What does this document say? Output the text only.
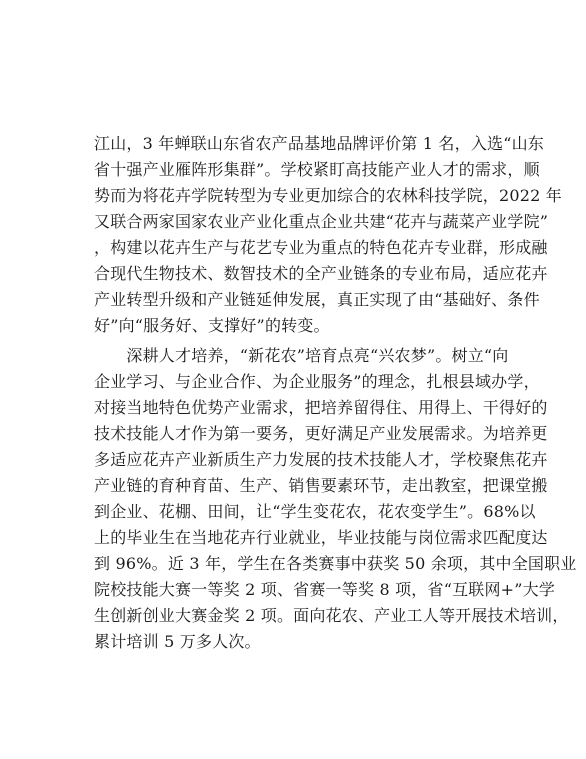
江山，3 年蝉联山东省农产品基地品牌评价第 1 名，入选“山东
省十强产业雁阵形集群”。学校紧盯高技能产业人才的需求，顺
势而为将花卉学院转型为专业更加综合的农林科技学院，2022 年
又联合两家国家农业产业化重点企业共建“花卉与蔬菜产业学院”
，构建以花卉生产与花艺专业为重点的特色花卉专业群，形成融
合现代生物技术、数智技术的全产业链条的专业布局，适应花卉
产业转型升级和产业链延伸发展，真正实现了由“基础好、条件
好”向“服务好、支撑好”的转变。
　　深耕人才培养，“新花农”培育点亮“兴农梦”。树立“向
企业学习、与企业合作、为企业服务”的理念，扎根县域办学，
对接当地特色优势产业需求，把培养留得住、用得上、干得好的
技术技能人才作为第一要务，更好满足产业发展需求。为培养更
多适应花卉产业新质生产力发展的技术技能人才，学校聚焦花卉
产业链的育种育苗、生产、销售要素环节，走出教室，把课堂搬
到企业、花棚、田间，让“学生变花农，花农变学生”。68%以
上的毕业生在当地花卉行业就业，毕业技能与岗位需求匹配度达
到 96%。近 3 年，学生在各类赛事中获奖 50 余项，其中全国职业
院校技能大赛一等奖 2 项、省赛一等奖 8 项，省“互联网+”大学
生创新创业大赛金奖 2 项。面向花农、产业工人等开展技术培训，
累计培训 5 万多人次。
